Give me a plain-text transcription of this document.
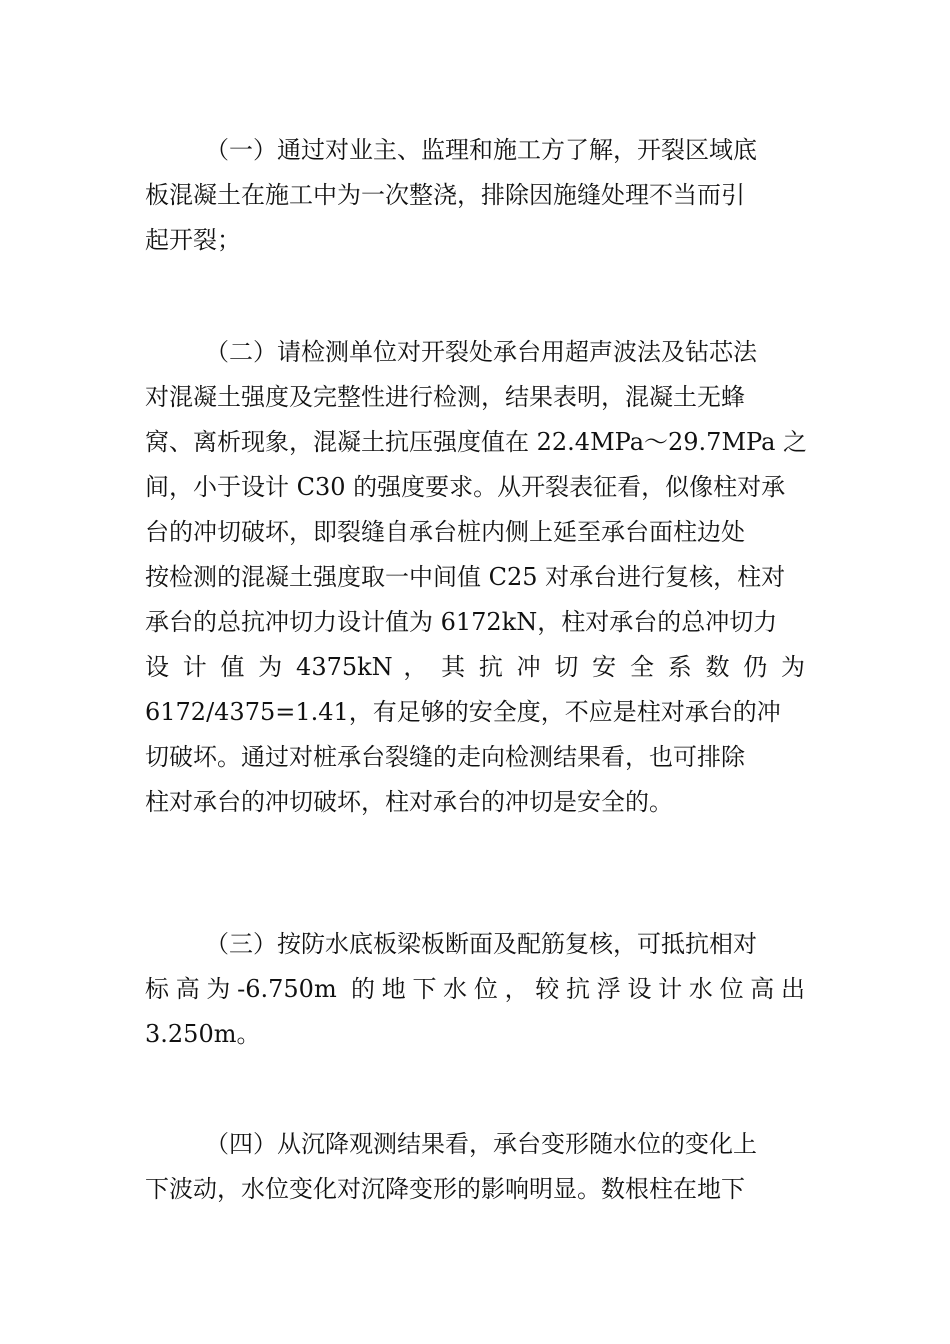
（一）通过对业主、监理和施工方了解，开裂区域底
板混凝土在施工中为一次整浇，排除因施缝处理不当而引
起开裂；
（二）请检测单位对开裂处承台用超声波法及钻芯法
对混凝土强度及完整性进行检测，结果表明，混凝土无蜂
窝、离析现象，混凝土抗压强度值在 22.4MPa～29.7MPa 之
间，小于设计 C30 的强度要求。从开裂表征看，似像柱对承
台的冲切破坏，即裂缝自承台桩内侧上延至承台面柱边处
按检测的混凝土强度取一中间值 C25 对承台进行复核，柱对
承台的总抗冲切力设计值为 6172kN，柱对承台的总冲切力
设 计 值 为 4375kN ， 其 抗 冲 切 安 全 系 数 仍 为
6172/4375=1.41，有足够的安全度，不应是柱对承台的冲
切破坏。通过对桩承台裂缝的走向检测结果看，也可排除
柱对承台的冲切破坏，柱对承台的冲切是安全的。
（三）按防水底板梁板断面及配筋复核，可抵抗相对
标高为-6.750m 的地下水位，较抗浮设计水位高出
3.250m。
（四）从沉降观测结果看，承台变形随水位的变化上
下波动，水位变化对沉降变形的影响明显。数根柱在地下
